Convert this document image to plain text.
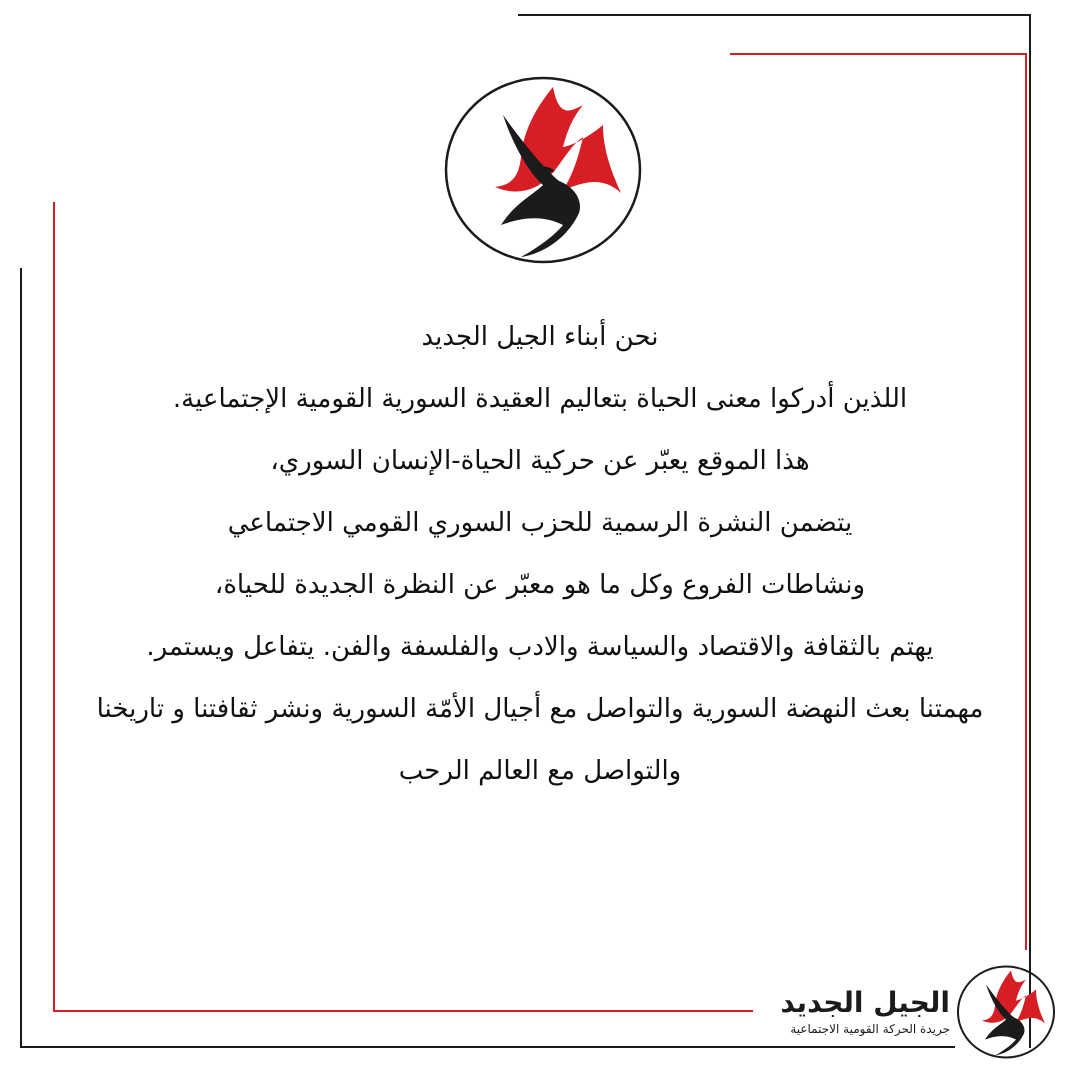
نحن أبناء الجيل الجديد

اللذين أدركوا معنى الحياة بتعاليم العقيدة السورية القومية الإجتماعية.

هذا الموقع يعبّر عن حركية الحياة-الإنسان السوري،

يتضمن النشرة الرسمية للحزب السوري القومي الاجتماعي

ونشاطات الفروع وكل ما هو معبّر عن النظرة الجديدة للحياة،

يهتم بالثقافة والاقتصاد والسياسة والادب والفلسفة والفن. يتفاعل ويستمر.

مهمتنا بعث النهضة السورية والتواصل مع أجيال الأمّة السورية ونشر ثقافتنا و تاريخنا

والتواصل مع العالم الرحب

الجيل الجديد
جريدة الحركة القومية الاجتماعية
